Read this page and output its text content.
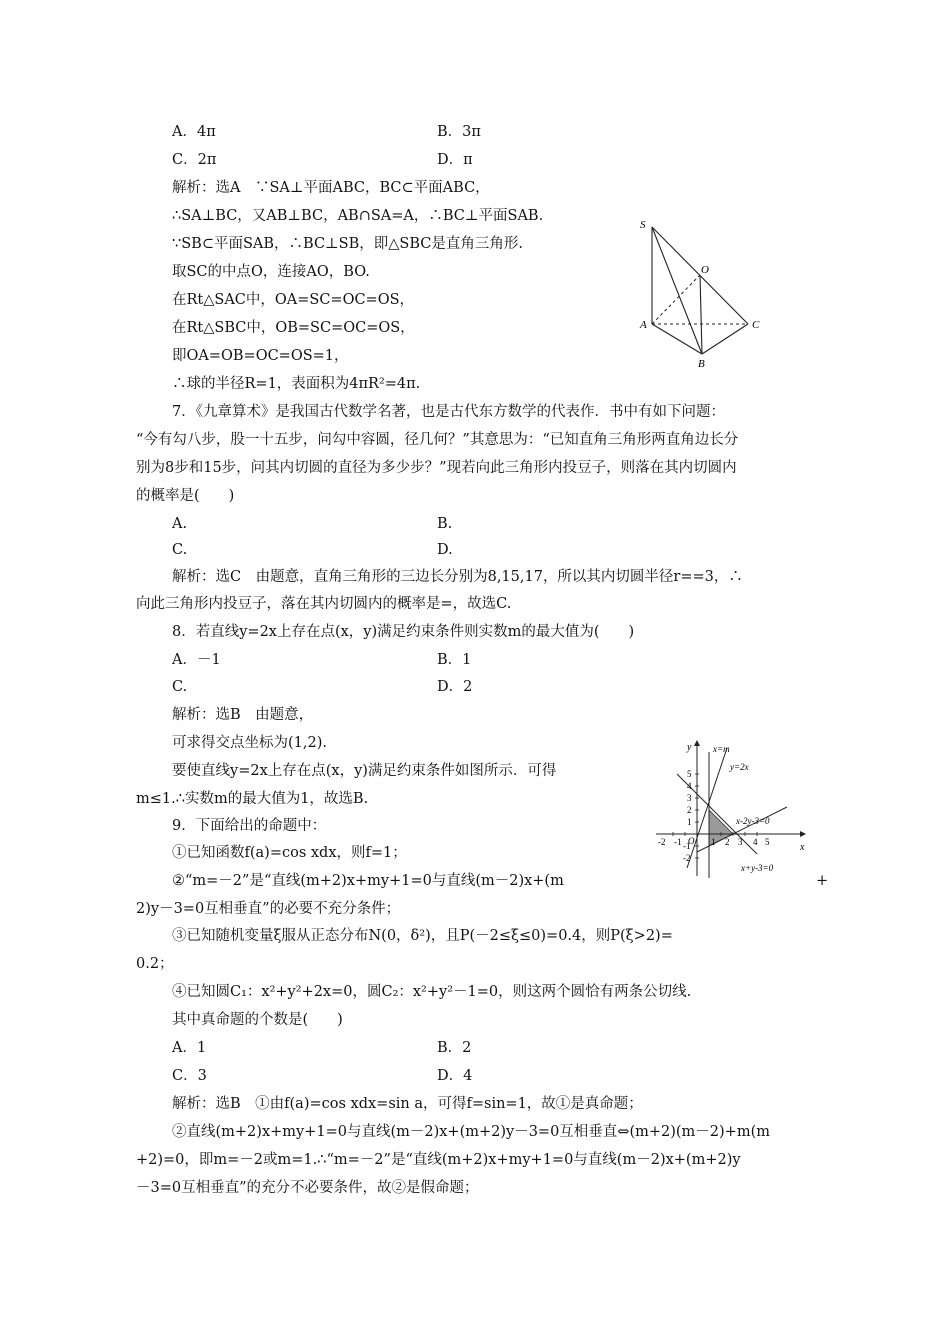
A．4π	B．3π
C．2π	D．π
解析：选A　∵SA⊥平面ABC，BC⊂平面ABC，
∴SA⊥BC，又AB⊥BC，AB∩SA=A，∴BC⊥平面SAB.
∵SB⊂平面SAB，∴BC⊥SB，即△SBC是直角三角形.
取SC的中点O，连接AO，BO.
在Rt△SAC中，OA=SC=OC=OS，
在Rt△SBC中，OB=SC=OC=OS，
即OA=OB=OC=OS=1，
∴球的半径R=1，表面积为4πR²=4π.
S
O
A
B
C
7．《九章算术》是我国古代数学名著，也是古代东方数学的代表作．书中有如下问题：
“今有勾八步，股一十五步，问勾中容圆，径几何？”其意思为：“已知直角三角形两直角边长分
别为8步和15步，问其内切圆的直径为多少步？”现若向此三角形内投豆子，则落在其内切圆内
的概率是(　　)
A.	B.
C.	D.
解析：选C　由题意，直角三角形的三边长分别为8,15,17，所以其内切圆半径r==3，∴
向此三角形内投豆子，落在其内切圆内的概率是=，故选C.
8．若直线y=2x上存在点(x，y)满足约束条件则实数m的最大值为(　　)
A．－1	B．1
C.	D．2
解析：选B　由题意，
可求得交点坐标为(1,2).
要使直线y=2x上存在点(x，y)满足约束条件如图所示．可得
m≤1.∴实数m的最大值为1，故选B.
y
x
O
x=m
y=2x
x-2y-3=0
x+y-3=0
5
4
3
2
1
-1
-2
-2 -1	1 2 3 4 5
9．下面给出的命题中：
①已知函数f(a)=cos xdx，则f=1；
②“m=－2”是“直线(m+2)x+my+1=0与直线(m－2)x+(m	+
2)y－3=0互相垂直”的必要不充分条件；
③已知随机变量ξ服从正态分布N(0，δ²)，且P(－2≤ξ≤0)=0.4，则P(ξ>2)=
0.2；
④已知圆C₁：x²+y²+2x=0，圆C₂：x²+y²－1=0，则这两个圆恰有两条公切线.
其中真命题的个数是(　　)
A．1	B．2
C．3	D．4
解析：选B　①由f(a)=cos xdx=sin a，可得f=sin=1，故①是真命题；
②直线(m+2)x+my+1=0与直线(m－2)x+(m+2)y－3=0互相垂直⇔(m+2)(m－2)+m(m
+2)=0，即m=－2或m=1.∴“m=－2”是“直线(m+2)x+my+1=0与直线(m－2)x+(m+2)y
－3=0互相垂直”的充分不必要条件，故②是假命题；
